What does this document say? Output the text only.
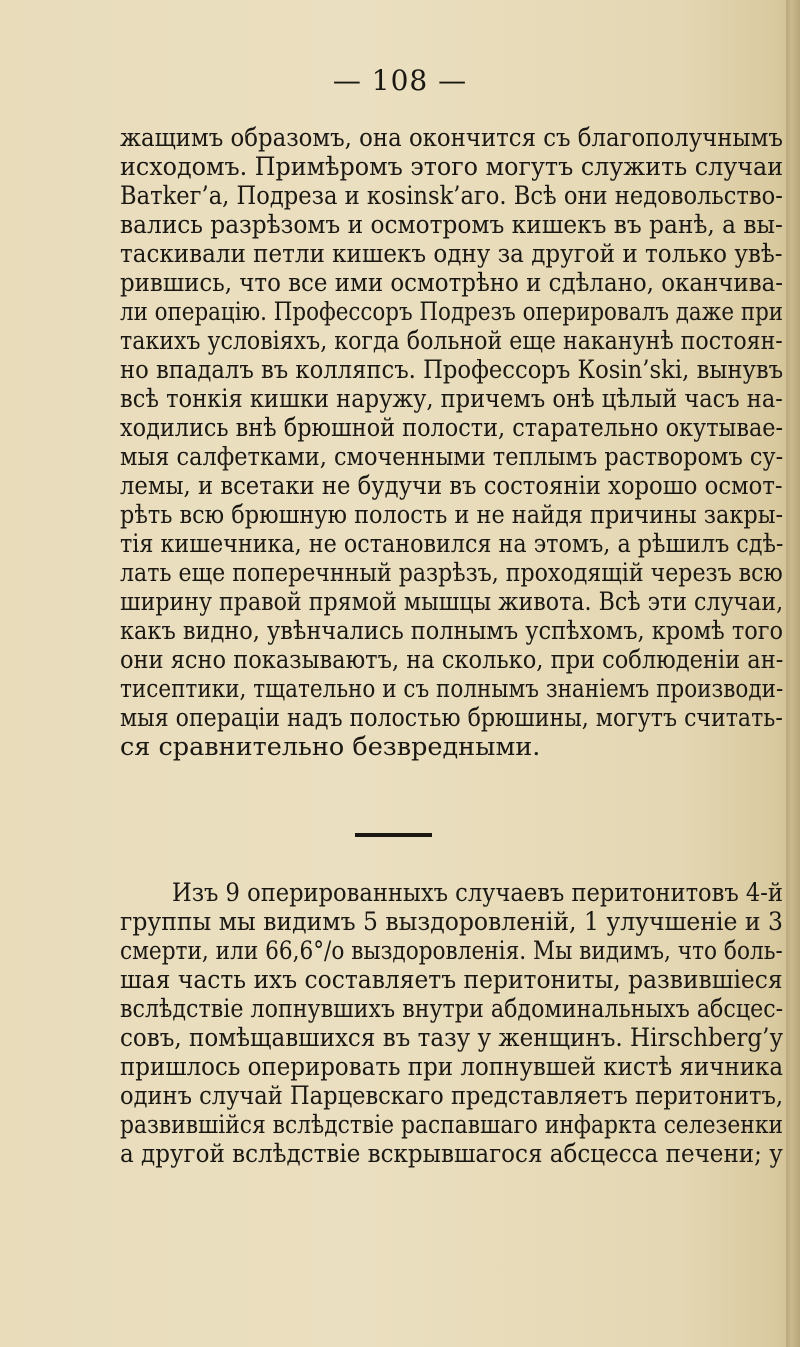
— 108 —
жащимъ образомъ, она окончится съ благополучнымъ
исходомъ. Примѣромъ этого могутъ служить случаи
Ватkег’а, Подреза и коsinsk’аго. Всѣ они недовольство-
вались разрѣзомъ и осмотромъ кишекъ въ ранѣ, а вы-
таскивали петли кишекъ одну за другой и только увѣ-
рившись, что все ими осмотрѣно и сдѣлано, оканчива-
ли операцію. Профессоръ Подрезъ оперировалъ даже при
такихъ условіяхъ, когда больной еще наканунѣ постоян-
но впадалъ въ колляпсъ. Профессоръ Коsin’ski, вынувъ
всѣ тонкія кишки наружу, причемъ онѣ цѣлый часъ на-
ходились внѣ брюшной полости, старательно окутывае-
мыя салфетками, смоченными теплымъ растворомъ су-
лемы, и всетаки не будучи въ состояніи хорошо осмот-
рѣть всю брюшную полость и не найдя причины закры-
тія кишечника, не остановился на этомъ, а рѣшилъ сдѣ-
лать еще поперечнный разрѣзъ, проходящій черезъ всю
ширину правой прямой мышцы живота. Всѣ эти случаи,
какъ видно, увѣнчались полнымъ успѣхомъ, кромѣ того
они ясно показываютъ, на сколько, при соблюденіи ан-
тисептики, тщательно и съ полнымъ знаніемъ производи-
мыя операціи надъ полостью брюшины, могутъ считать-
ся сравнительно безвредными.
Изъ 9 оперированныхъ случаевъ перитонитовъ 4-й
группы мы видимъ 5 выздоровленій, 1 улучшеніе и 3
смерти, или 66,6°/о выздоровленія. Мы видимъ, что боль-
шая часть ихъ составляетъ перитониты, развившіеся
вслѣдствіе лопнувшихъ внутри абдоминальныхъ абсцес-
совъ, помѣщавшихся въ тазу у женщинъ. Нirschberg’у
пришлось оперировать при лопнувшей кистѣ яичника
одинъ случай Парцевскаго представляетъ перитонитъ,
развившійся вслѣдствіе распавшаго инфаркта селезенки
а другой вслѣдствіе вскрывшагося абсцесса печени; у
